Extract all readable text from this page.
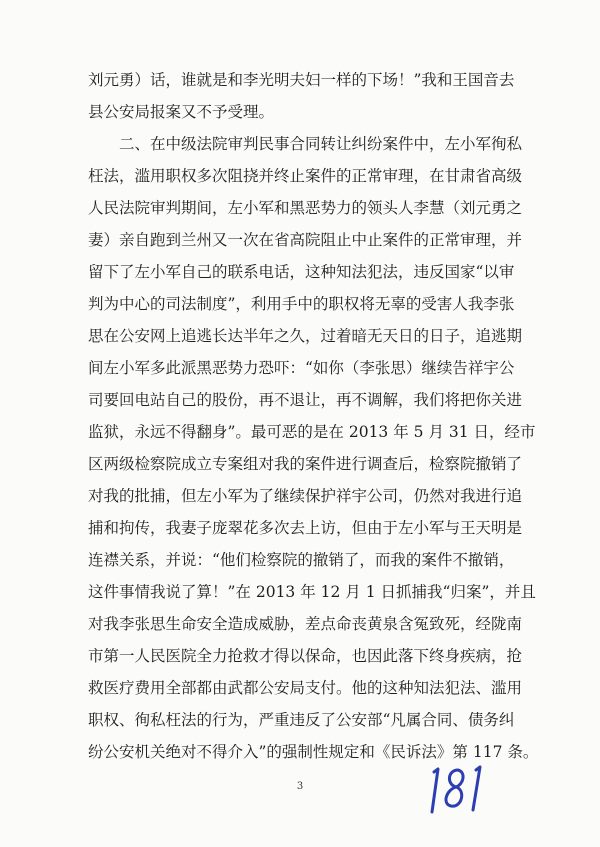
刘元勇）话，谁就是和李光明夫妇一样的下场！”我和王国音去
县公安局报案又不予受理。
　　二、在中级法院审判民事合同转让纠纷案件中，左小军徇私
枉法，滥用职权多次阻挠并终止案件的正常审理，在甘肃省高级
人民法院审判期间，左小军和黑恶势力的领头人李慧（刘元勇之
妻）亲自跑到兰州又一次在省高院阻止中止案件的正常审理，并
留下了左小军自己的联系电话，这种知法犯法，违反国家“以审
判为中心的司法制度”，利用手中的职权将无辜的受害人我李张
思在公安网上追逃长达半年之久，过着暗无天日的日子，追逃期
间左小军多此派黑恶势力恐吓：“如你（李张思）继续告祥宇公
司要回电站自己的股份，再不退让，再不调解，我们将把你关进
监狱，永远不得翻身”。最可恶的是在 2013 年 5 月 31 日，经市
区两级检察院成立专案组对我的案件进行调查后，检察院撤销了
对我的批捕，但左小军为了继续保护祥宇公司，仍然对我进行追
捕和拘传，我妻子庞翠花多次去上访，但由于左小军与王天明是
连襟关系，并说：“他们检察院的撤销了，而我的案件不撤销，
这件事情我说了算！”在 2013 年 12 月 1 日抓捕我“归案”，并且
对我李张思生命安全造成威胁，差点命丧黄泉含冤致死，经陇南
市第一人民医院全力抢救才得以保命，也因此落下终身疾病，抢
救医疗费用全部都由武都公安局支付。他的这种知法犯法、滥用
职权、徇私枉法的行为，严重违反了公安部“凡属合同、债务纠
纷公安机关绝对不得介入”的强制性规定和《民诉法》第 117 条。
3
